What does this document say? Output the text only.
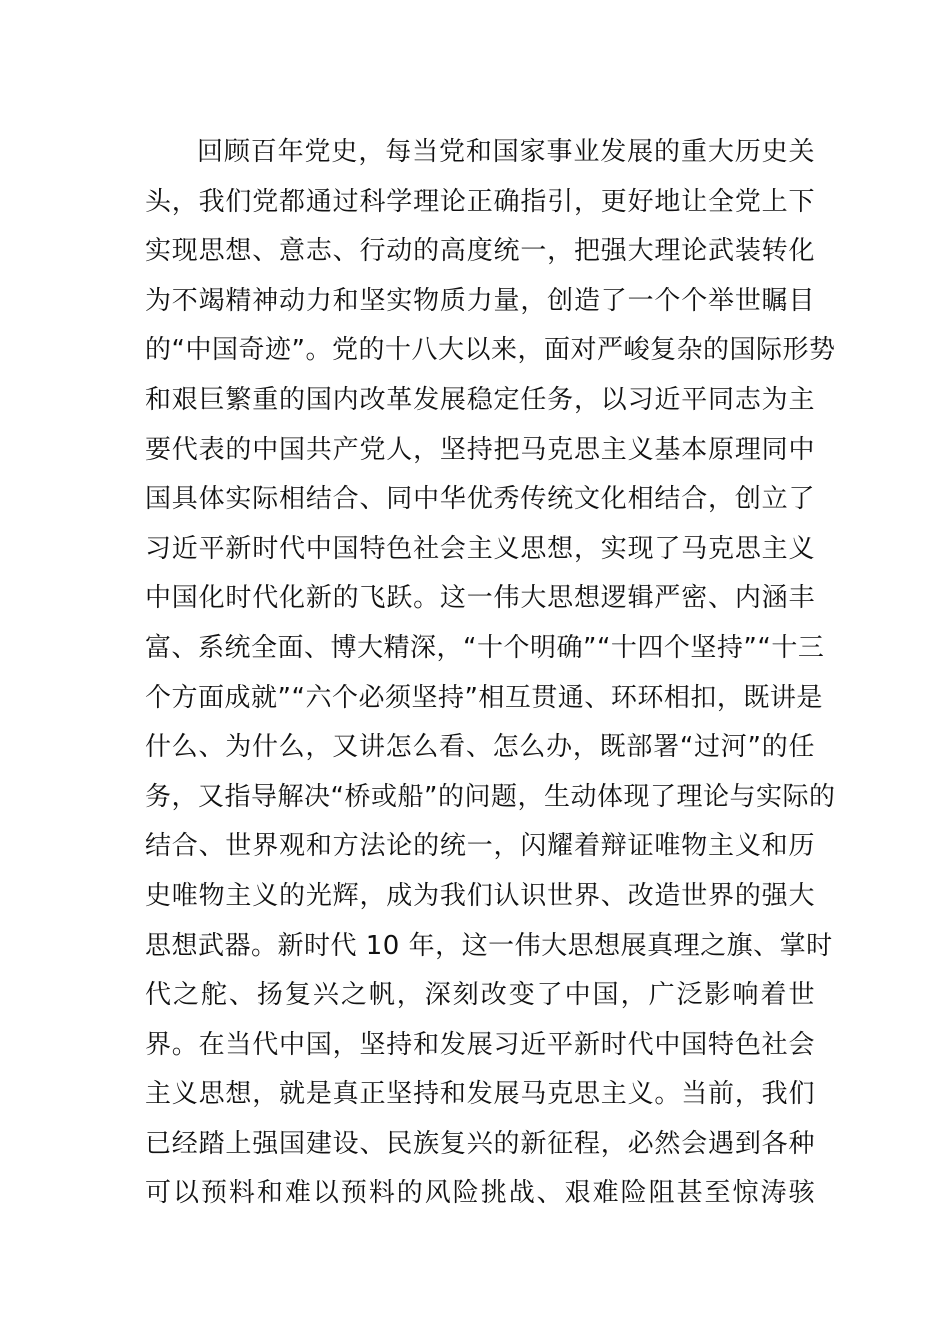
回顾百年党史，每当党和国家事业发展的重大历史关
头，我们党都通过科学理论正确指引，更好地让全党上下
实现思想、意志、行动的高度统一，把强大理论武装转化
为不竭精神动力和坚实物质力量，创造了一个个举世瞩目
的“中国奇迹”。党的十八大以来，面对严峻复杂的国际形势
和艰巨繁重的国内改革发展稳定任务，以习近平同志为主
要代表的中国共产党人，坚持把马克思主义基本原理同中
国具体实际相结合、同中华优秀传统文化相结合，创立了
习近平新时代中国特色社会主义思想，实现了马克思主义
中国化时代化新的飞跃。这一伟大思想逻辑严密、内涵丰
富、系统全面、博大精深，“十个明确”“十四个坚持”“十三
个方面成就”“六个必须坚持”相互贯通、环环相扣，既讲是
什么、为什么，又讲怎么看、怎么办，既部署“过河”的任
务，又指导解决“桥或船”的问题，生动体现了理论与实际的
结合、世界观和方法论的统一，闪耀着辩证唯物主义和历
史唯物主义的光辉，成为我们认识世界、改造世界的强大
思想武器。新时代 10 年，这一伟大思想展真理之旗、掌时
代之舵、扬复兴之帆，深刻改变了中国，广泛影响着世
界。在当代中国，坚持和发展习近平新时代中国特色社会
主义思想，就是真正坚持和发展马克思主义。当前，我们
已经踏上强国建设、民族复兴的新征程，必然会遇到各种
可以预料和难以预料的风险挑战、艰难险阻甚至惊涛骇
